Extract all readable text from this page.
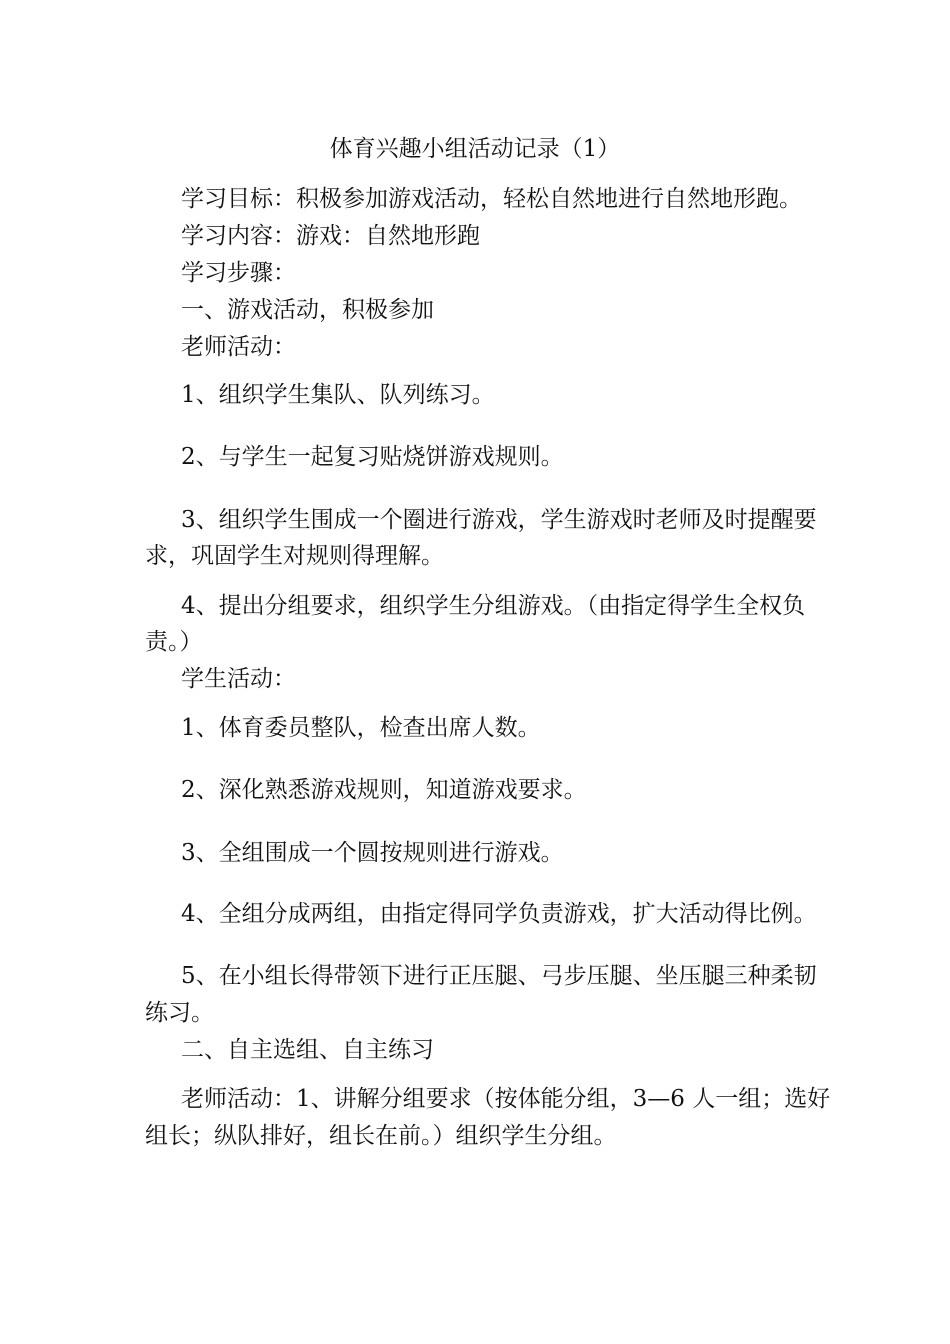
体育兴趣小组活动记录（1）
学习目标：积极参加游戏活动，轻松自然地进行自然地形跑。
学习内容：游戏：自然地形跑
学习步骤：
一、游戏活动，积极参加
老师活动：
1、组织学生集队、队列练习。
2、与学生一起复习贴烧饼游戏规则。
3、组织学生围成一个圈进行游戏，学生游戏时老师及时提醒要
求，巩固学生对规则得理解。
4、提出分组要求，组织学生分组游戏。（由指定得学生全权负
责。）
学生活动：
1、体育委员整队，检查出席人数。
2、深化熟悉游戏规则，知道游戏要求。
3、全组围成一个圆按规则进行游戏。
4、全组分成两组，由指定得同学负责游戏，扩大活动得比例。
5、在小组长得带领下进行正压腿、弓步压腿、坐压腿三种柔韧
练习。
二、自主选组、自主练习
老师活动：1、讲解分组要求（按体能分组，3—6 人一组；选好
组长；纵队排好，组长在前。）组织学生分组。
